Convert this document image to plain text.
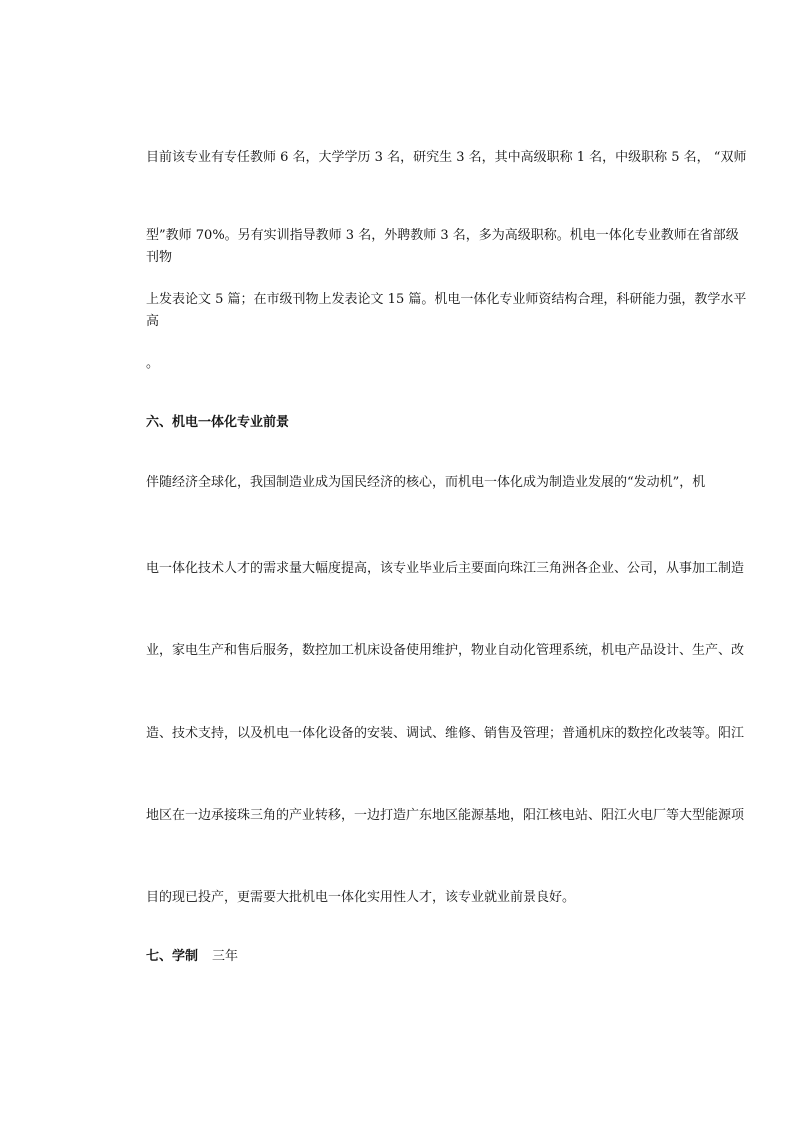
目前该专业有专任教师 6 名，大学学历 3 名，研究生 3 名，其中高级职称 1 名，中级职称 5 名， “双师

型”教师 70%。另有实训指导教师 3 名，外聘教师 3 名，多为高级职称。机电一体化专业教师在省部级刊物

上发表论文 5 篇；在市级刊物上发表论文 15 篇。机电一体化专业师资结构合理，科研能力强，教学水平高

。

六、机电一体化专业前景

伴随经济全球化，我国制造业成为国民经济的核心，而机电一体化成为制造业发展的“发动机”，机

电一体化技术人才的需求量大幅度提高，该专业毕业后主要面向珠江三角洲各企业、公司，从事加工制造

业，家电生产和售后服务，数控加工机床设备使用维护，物业自动化管理系统，机电产品设计、生产、改

造、技术支持，以及机电一体化设备的安装、调试、维修、销售及管理；普通机床的数控化改装等。阳江

地区在一边承接珠三角的产业转移，一边打造广东地区能源基地，阳江核电站、阳江火电厂等大型能源项

目的现已投产，更需要大批机电一体化实用性人才，该专业就业前景良好。

七、学制 三年
